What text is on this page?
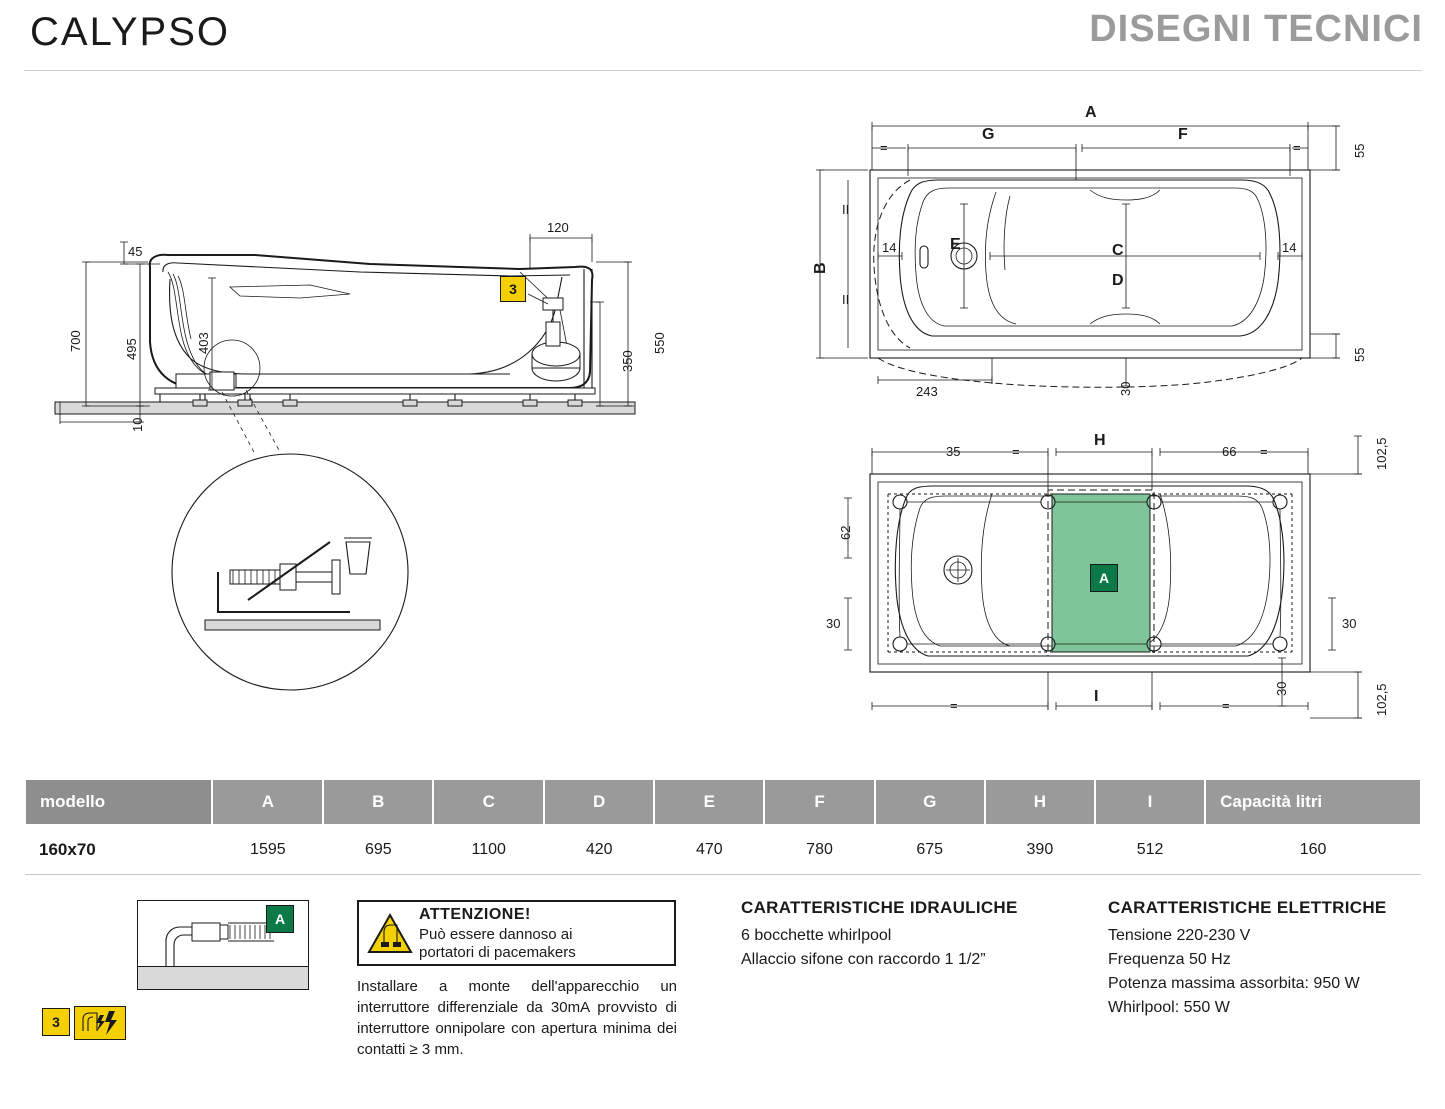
CALYPSO	DISEGNI TECNICI
45
700	495	403
120
550
350
10
3
A
G	F
=	=
B
II
II
C
D
E
14	14
55
55
243	30
H
I
35	66
62
30	30
30
102,5
102,5
=	=
=	=
A
modello	A	B	C	D	E	F	G	H	I	Capacità litri
160x70	1595	695	1100	420	470	780	675	390	512	160
A
3
ATTENZIONE!
Può essere dannoso ai
portatori di pacemakers
Installare a monte dell'apparecchio un interruttore differenziale da 30mA provvisto di interruttore onnipolare con apertura minima dei contatti ≥ 3 mm.
CARATTERISTICHE IDRAULICHE
6 bocchette whirlpool
Allaccio sifone con raccordo 1 1/2”
CARATTERISTICHE ELETTRICHE
Tensione 220-230 V
Frequenza 50 Hz
Potenza massima assorbita: 950 W
Whirlpool: 550 W
